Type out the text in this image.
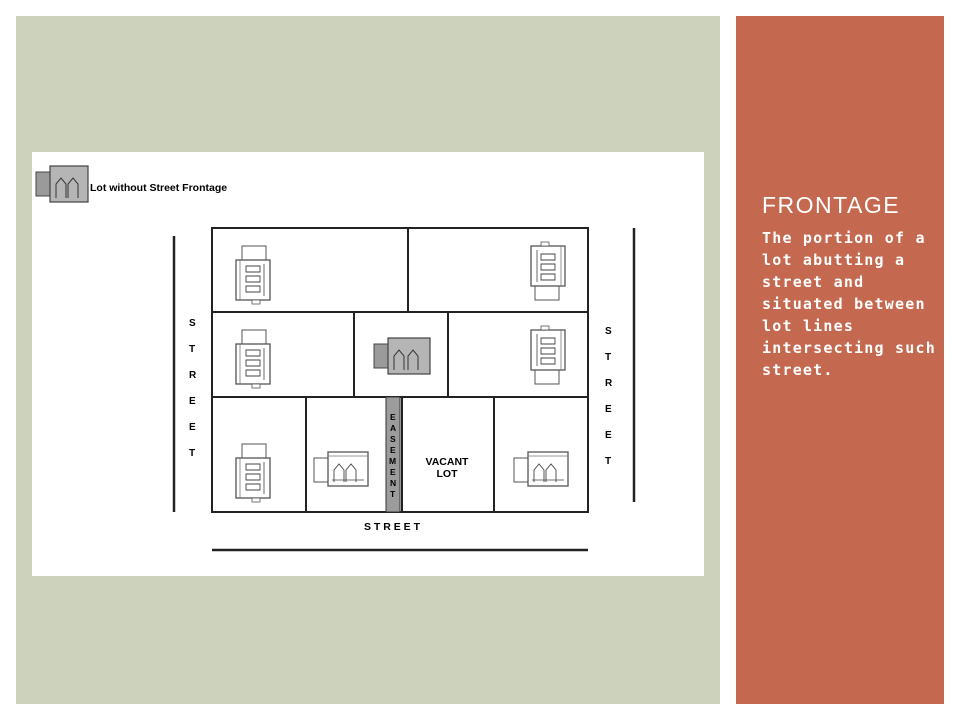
Lot without Street Frontage
S
T
R
E
E
T
S
T
R
E
E
T
S T R E E T
E
A
S
E
M
E
N
T
VACANT
LOT
FRONTAGE
The portion of a lot abutting a street and situated between lot lines intersecting such street.
